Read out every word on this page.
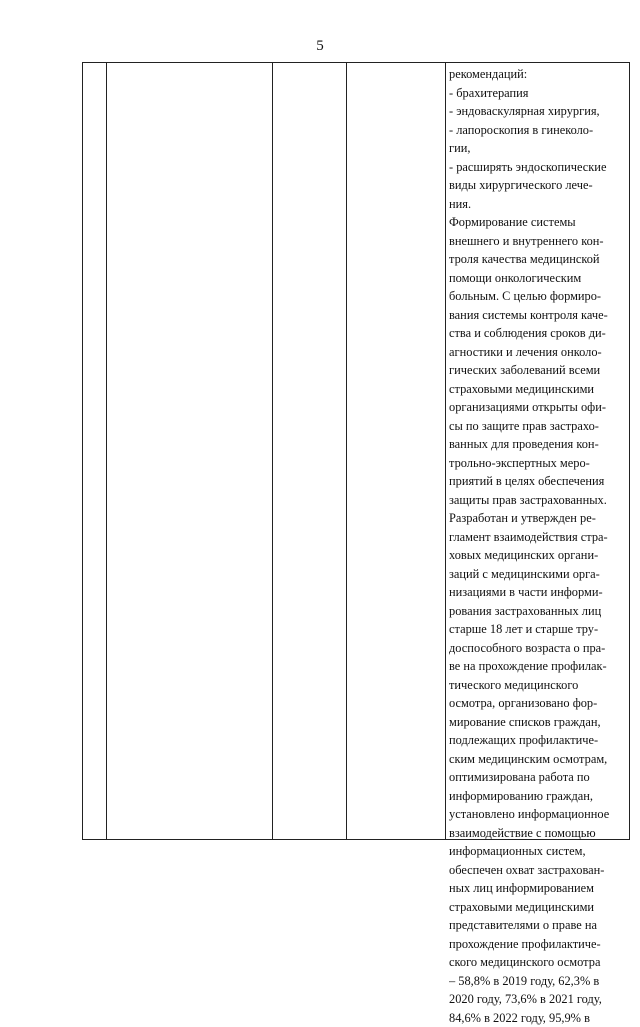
5
рекомендаций:
- брахитерапия
- эндоваскулярная хирургия,
- лапороскопия в гинеколо-
гии,
- расширять эндоскопические
виды хирургического лече-
ния.
Формирование системы
внешнего и внутреннего кон-
троля качества медицинской
помощи онкологическим
больным. С целью формиро-
вания системы контроля каче-
ства и соблюдения сроков ди-
агностики и лечения онколо-
гических заболеваний всеми
страховыми медицинскими
организациями открыты офи-
сы по защите прав застрахо-
ванных для проведения кон-
трольно-экспертных меро-
приятий в целях обеспечения
защиты прав застрахованных.
Разработан и утвержден ре-
гламент взаимодействия стра-
ховых медицинских органи-
заций с медицинскими орга-
низациями в части информи-
рования застрахованных лиц
старше 18 лет и старше тру-
доспособного возраста о пра-
ве на прохождение профилак-
тического медицинского
осмотра, организовано фор-
мирование списков граждан,
подлежащих профилактиче-
ским медицинским осмотрам,
оптимизирована работа по
информированию граждан,
установлено информационное
взаимодействие с помощью
информационных систем,
обеспечен охват застрахован-
ных лиц информированием
страховыми медицинскими
представителями о праве на
прохождение профилактиче-
ского медицинского осмотра
– 58,8% в 2019 году, 62,3% в
2020 году, 73,6% в 2021 году,
84,6% в 2022 году, 95,9% в
